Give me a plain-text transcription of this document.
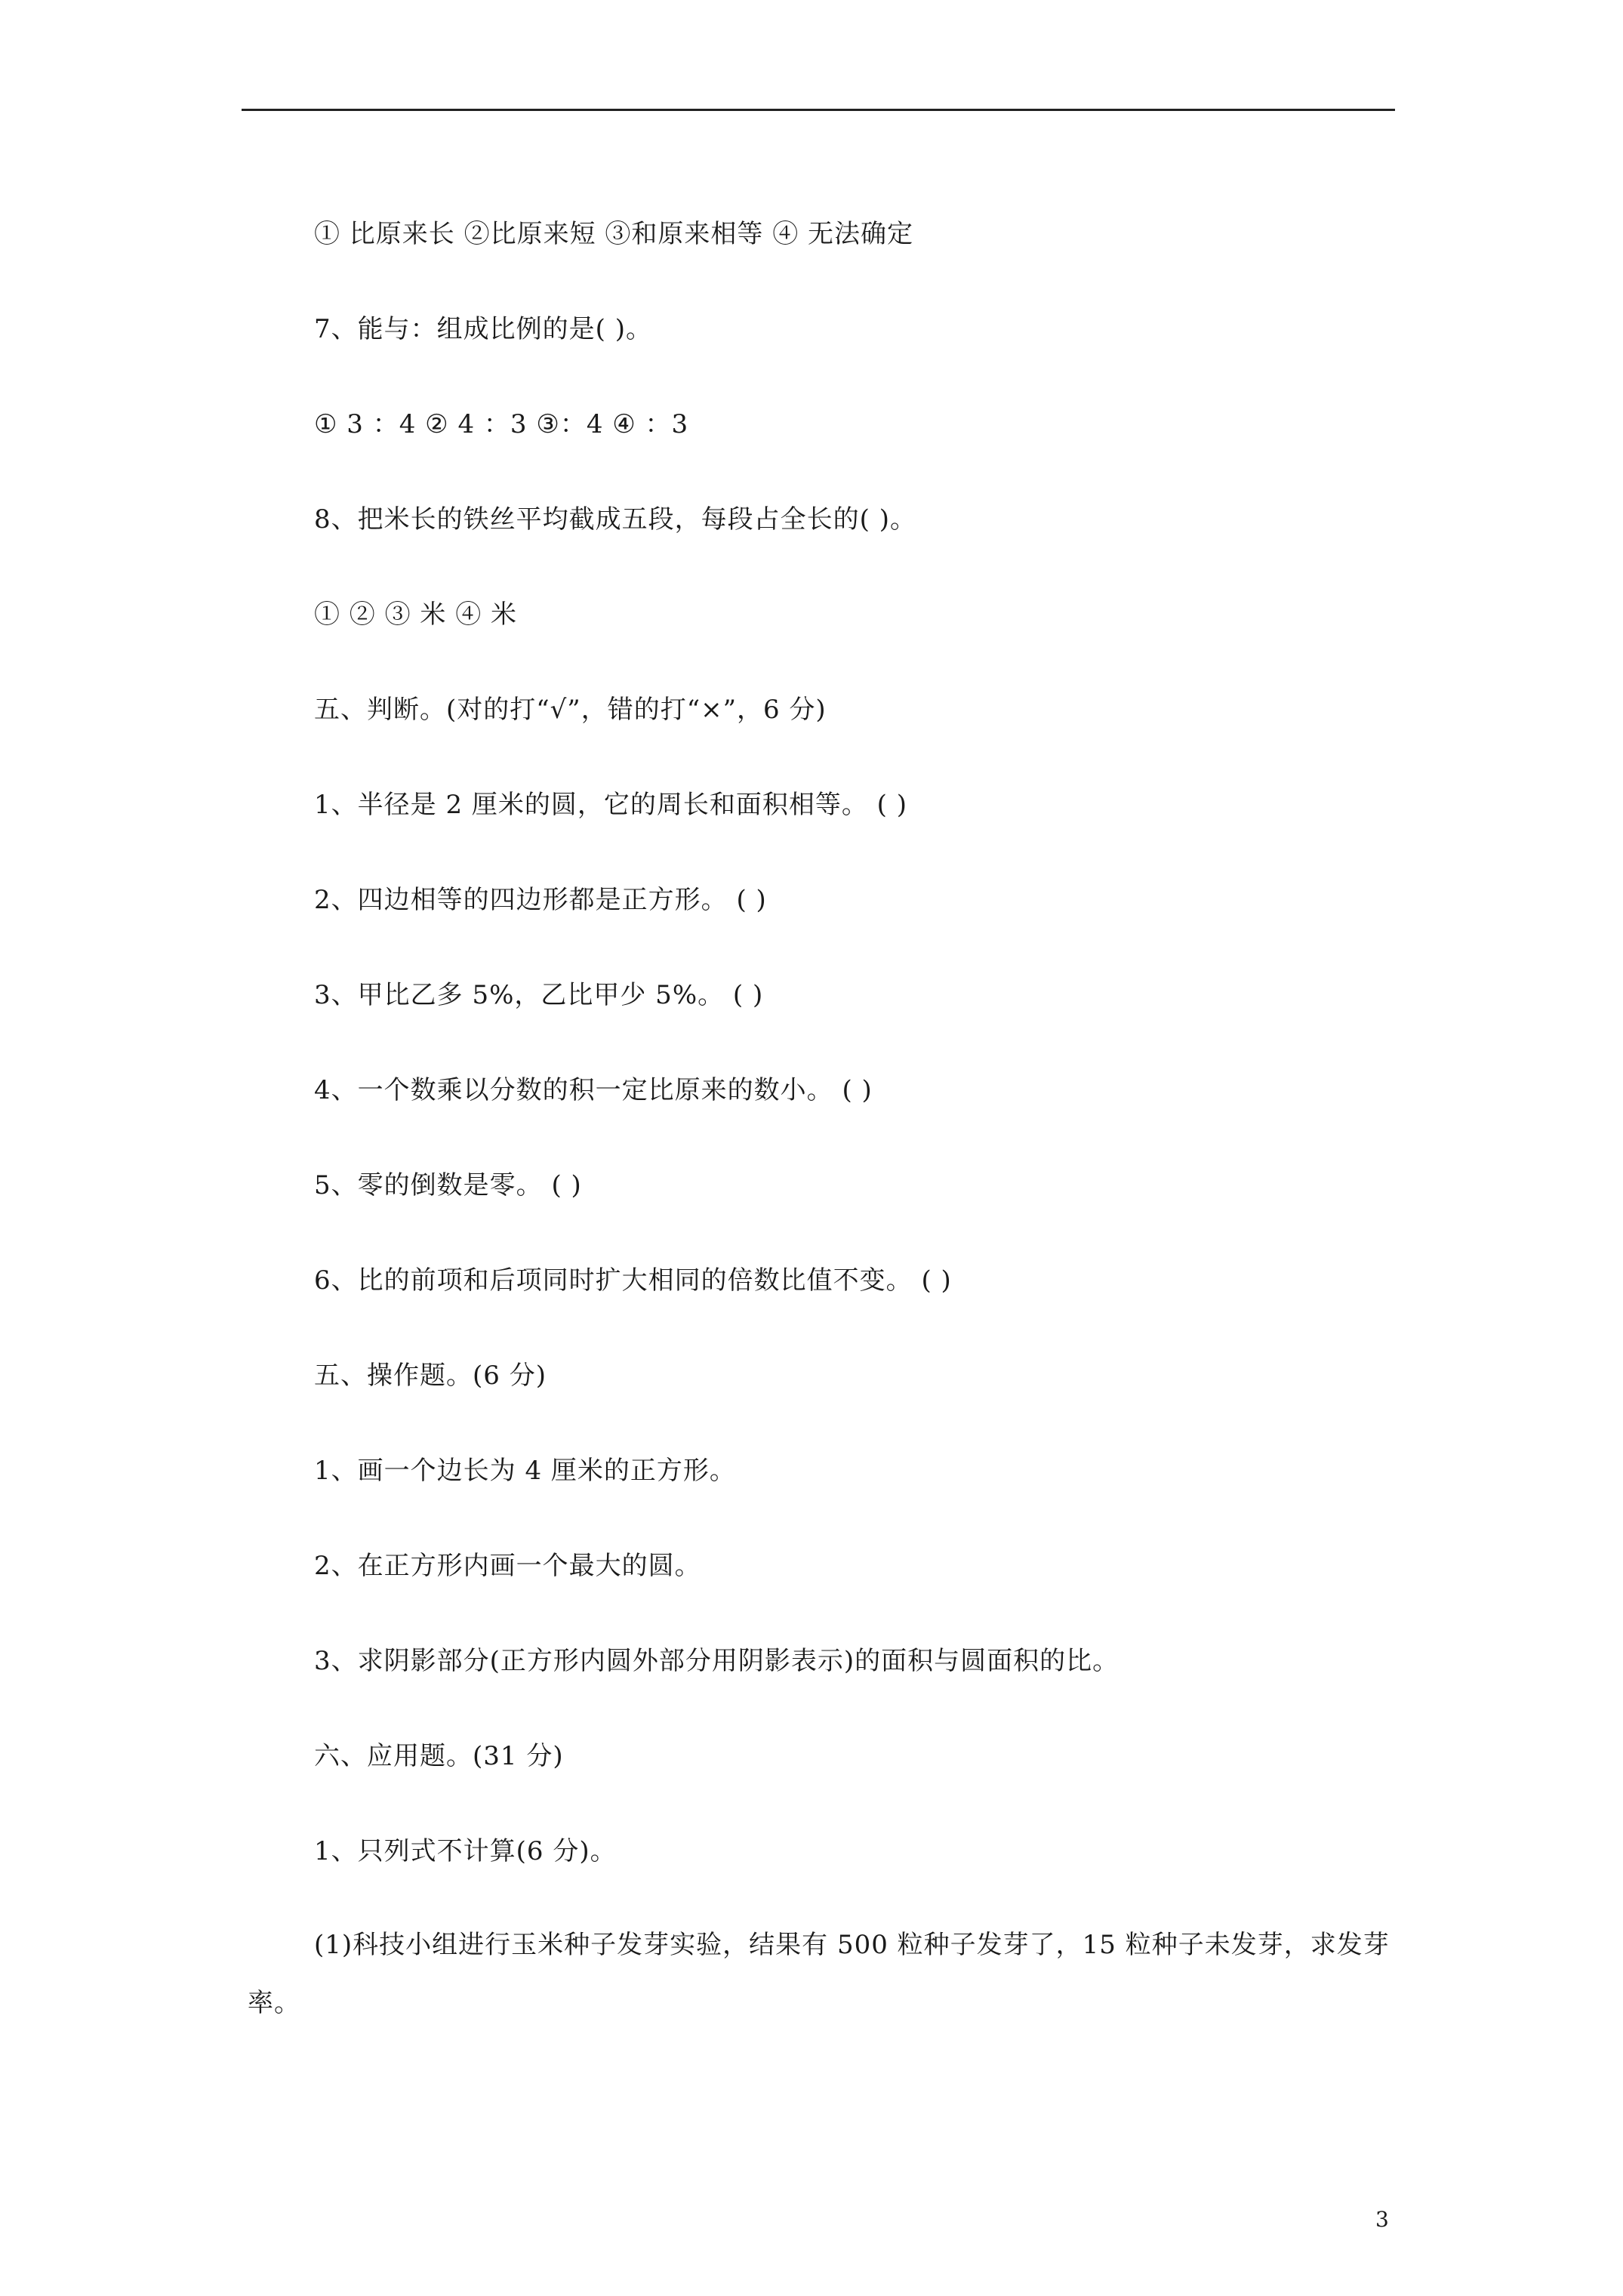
① 比原来长 ②比原来短 ③和原来相等 ④ 无法确定
7、能与：组成比例的是( )。
① 3 ：4 ② 4 ：3 ③：4 ④ ：3
8、把米长的铁丝平均截成五段，每段占全长的( )。
① ② ③ 米 ④ 米
五、判断。(对的打“√”，错的打“×”，6 分)
1、半径是 2 厘米的圆，它的周长和面积相等。 ( )
2、四边相等的四边形都是正方形。 ( )
3、甲比乙多 5%，乙比甲少 5%。 ( )
4、一个数乘以分数的积一定比原来的数小。 ( )
5、零的倒数是零。 ( )
6、比的前项和后项同时扩大相同的倍数比值不变。 ( )
五、操作题。(6 分)
1、画一个边长为 4 厘米的正方形。
2、在正方形内画一个最大的圆。
3、求阴影部分(正方形内圆外部分用阴影表示)的面积与圆面积的比。
六、应用题。(31 分)
1、只列式不计算(6 分)。
(1)科技小组进行玉米种子发芽实验，结果有 500 粒种子发芽了，15 粒种子未发芽，求发芽率。
3
